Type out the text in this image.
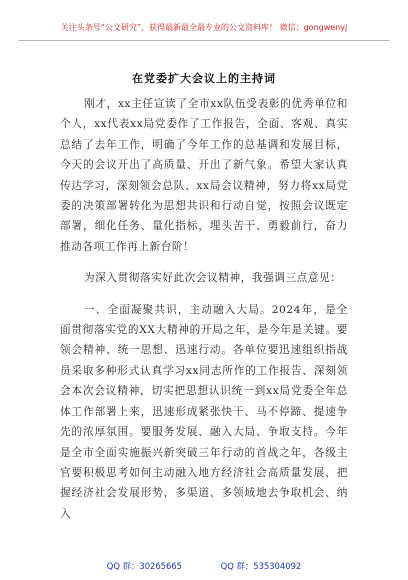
关注头条号“公文研究”，获得最新最全最专业的公文资料库！ 微信：gongwenyj
在党委扩大会议上的主持词

刚才，xx主任宣读了全市xx队伍受表彰的优秀单位和个人，xx代表xx局党委作了工作报告，全面、客观、真实总结了去年工作，明确了今年工作的总基调和发展目标，今天的会议开出了高质量、开出了新气象。希望大家认真传达学习，深刻领会总队、xx局会议精神，努力将xx局党委的决策部署转化为思想共识和行动自觉，按照会议既定部署，细化任务、量化指标，埋头苦干、勇毅前行，奋力推动各项工作再上新台阶！

为深入贯彻落实好此次会议精神，我强调三点意见：

一、全面凝聚共识，主动融入大局。2024年，是全面贯彻落实党的XX大精神的开局之年，是今年是关键。要领会精神、统一思想、迅速行动。各单位要迅速组织指战员采取多种形式认真学习xx同志所作的工作报告、深刻领会本次会议精神，切实把思想认识统一到xx局党委全年总体工作部署上来，迅速形成紧张快干、马不停蹄、提速争先的浓厚氛围。要服务发展、融入大局、争取支持。今年是全市全面实施振兴新突破三年行动的首战之年，各级主官要积极思考如何主动融入地方经济社会高质量发展，把握经济社会发展形势，多渠道、多领域地去争取机会、纳入

QQ 群：30265665	QQ 群：535304092
